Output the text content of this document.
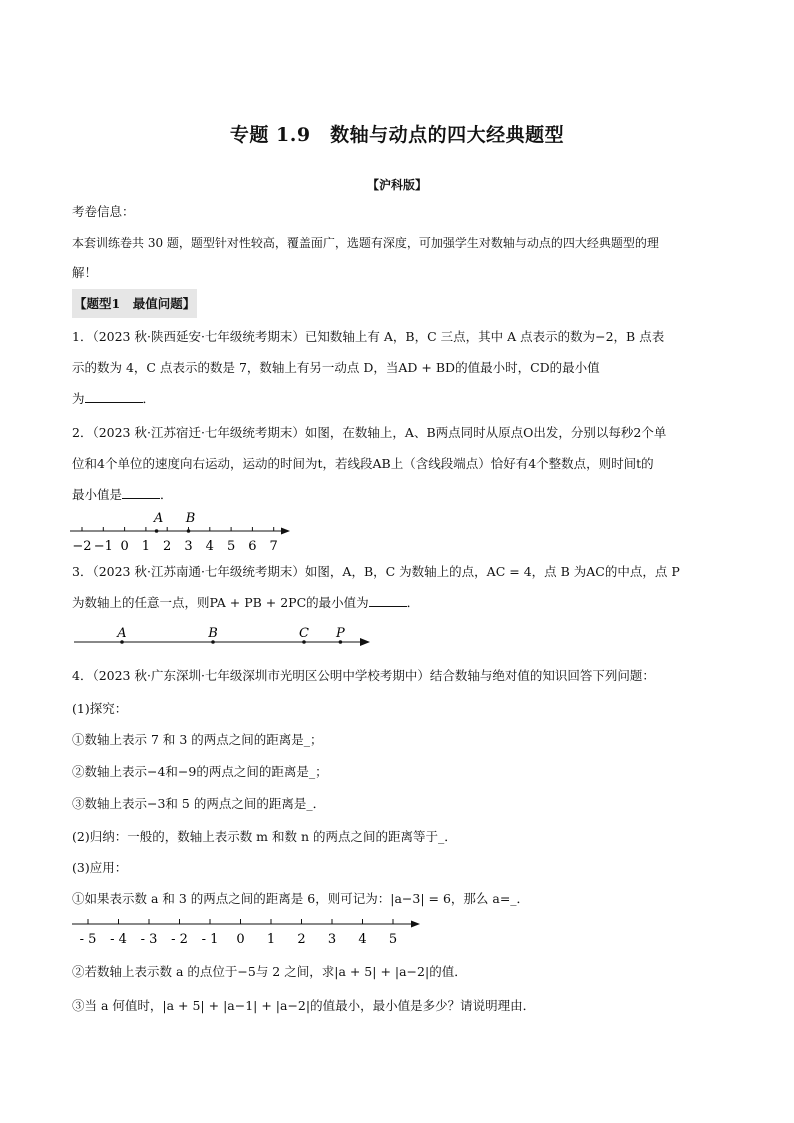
专题 1.9　数轴与动点的四大经典题型
【沪科版】
考卷信息：
本套训练卷共 30 题，题型针对性较高，覆盖面广，选题有深度，可加强学生对数轴与动点的四大经典题型的理
解！
【题型1　最值问题】
1．（2023 秋·陕西延安·七年级统考期末）已知数轴上有 A，B，C 三点，其中 A 点表示的数为−2，B 点表
示的数为 4，C 点表示的数是 7，数轴上有另一动点 D，当AD + BD的值最小时，CD的最小值
为	．
2．（2023 秋·江苏宿迁·七年级统考期末）如图，在数轴上，A、B两点同时从原点O出发，分别以每秒2个单
位和4个单位的速度向右运动，运动的时间为t，若线段AB上（含线段端点）恰好有4个整数点，则时间t的
最小值是	．
−2 −1 0 1 2 3 4 5 6 7
A B
3．（2023 秋·江苏南通·七年级统考期末）如图，A，B，C 为数轴上的点，AC = 4，点 B 为AC的中点，点 P
为数轴上的任意一点，则PA + PB + 2PC的最小值为	．
A	B	C P
4．（2023 秋·广东深圳·七年级深圳市光明区公明中学校考期中）结合数轴与绝对值的知识回答下列问题：
(1)探究：
①数轴上表示 7 和 3 的两点之间的距离是_；
②数轴上表示−4和−9的两点之间的距离是_；
③数轴上表示−3和 5 的两点之间的距离是_．
(2)归纳：一般的，数轴上表示数 m 和数 n 的两点之间的距离等于_．
(3)应用：
①如果表示数 a 和 3 的两点之间的距离是 6，则可记为：|a−3| = 6，那么 a=_．
- 5 - 4 - 3 - 2 - 1 0 1 2 3 4 5
②若数轴上表示数 a 的点位于−5与 2 之间，求|a + 5| + |a−2|的值．
③当 a 何值时，|a + 5| + |a−1| + |a−2|的值最小，最小值是多少？请说明理由．
